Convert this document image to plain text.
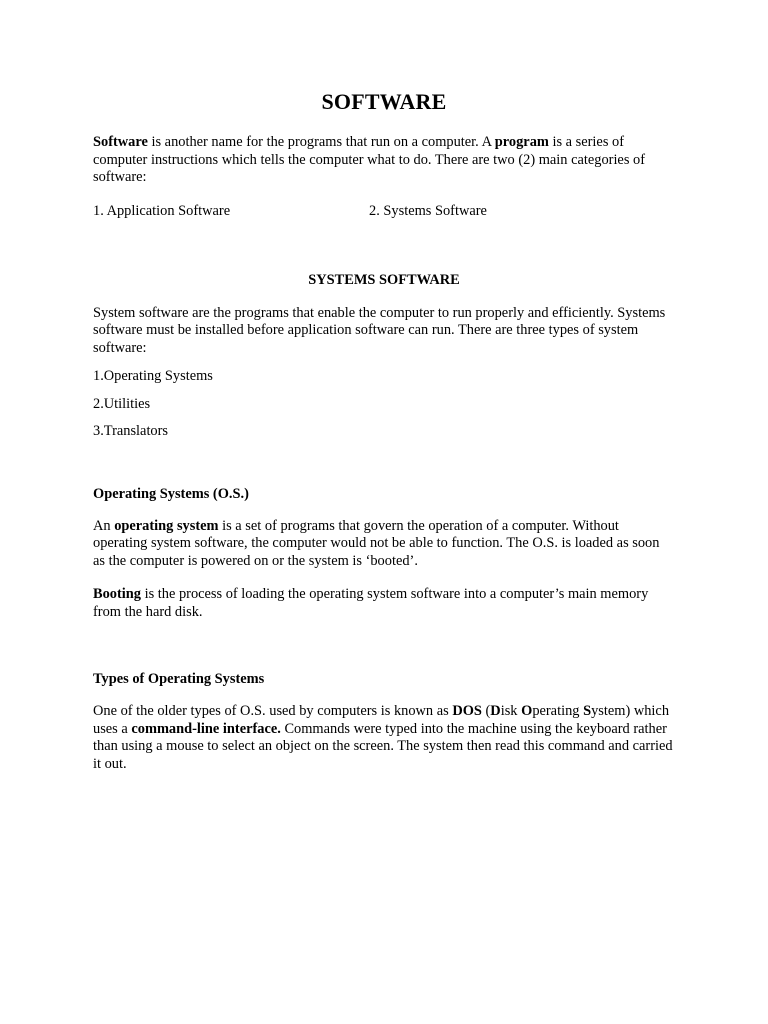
SOFTWARE

Software is another name for the programs that run on a computer. A program is a series of computer instructions which tells the computer what to do. There are two (2) main categories of software:

1. Application Software	2. Systems Software
SYSTEMS SOFTWARE

System software are the programs that enable the computer to run properly and efficiently. Systems software must be installed before application software can run. There are three types of system software:

1.Operating Systems

2.Utilities

3.Translators

Operating Systems (O.S.)

An operating system is a set of programs that govern the operation of a computer. Without operating system software, the computer would not be able to function. The O.S. is loaded as soon as the computer is powered on or the system is ‘booted’.

Booting is the process of loading the operating system software into a computer’s main memory from the hard disk.

Types of Operating Systems

One of the older types of O.S. used by computers is known as DOS (Disk Operating System) which uses a command-line interface. Commands were typed into the machine using the keyboard rather than using a mouse to select an object on the screen. The system then read this command and carried it out.
